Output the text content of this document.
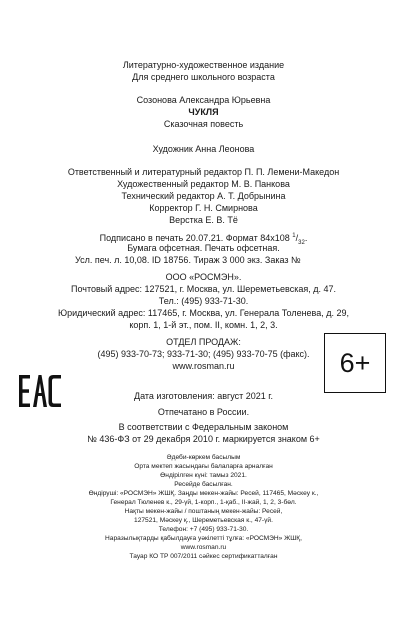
Литературно-художественное издание
Для среднего школьного возраста
Созонова Александра Юрьевна
ЧУКЛЯ
Сказочная повесть
Художник Анна Леонова
Ответственный и литературный редактор П. П. Лемени-Македон
Художественный редактор М. В. Панкова
Технический редактор А. Т. Добрынина
Корректор Г. Н. Смирнова
Верстка Е. В. Тё
Подписано в печать 20.07.21. Формат 84x108 $^1/_{32}$.
Бумага офсетная. Печать офсетная.
Усл. печ. л. 10,08. ID 18756. Тираж 3 000 экз. Заказ №
ООО «РОСМЭН».
Почтовый адрес: 127521, г. Москва, ул. Шереметьевская, д. 47.
Тел.: (495) 933-71-30.
Юридический адрес: 117465, г. Москва, ул. Генерала Толенева, д. 29,
корп. 1, 1-й эт., пом. II, комн. 1, 2, 3.
ОТДЕЛ ПРОДАЖ:
(495) 933-70-73; 933-71-30; (495) 933-70-75 (факс).
www.rosman.ru	6+
Дата изготовления: август 2021 г.
Отпечатано в России.
В соответствии с Федеральным законом
№ 436-ФЗ от 29 декабря 2010 г. маркируется знаком 6+
Әдеби-көркем басылым
Орта мектеп жасындағы балаларға арналған
Өндірілген күні: тамыз 2021.
Ресейде басылған.
Өндіруші: «РОСМЭН» ЖШҚ. Заңды мекен-жайы: Ресей, 117465, Мәскеу к.,
Генерал Тюленев к., 29-үй, 1-корп., 1-қаб., II-жай, 1, 2, 3-бөл.
Нақты мекен-жайы / поштаның мекен-жайы: Ресей,
127521, Мәскеу қ., Шереметьевская к., 47-үй.
Телефон: +7 (495) 933-71-30.
Наразылықтарды қабылдауға уәкілетті тұлға: «РОСМЭН» ЖШҚ,
www.rosman.ru
Тауар КО ТР 007/2011 сәйкес сертификатталған
